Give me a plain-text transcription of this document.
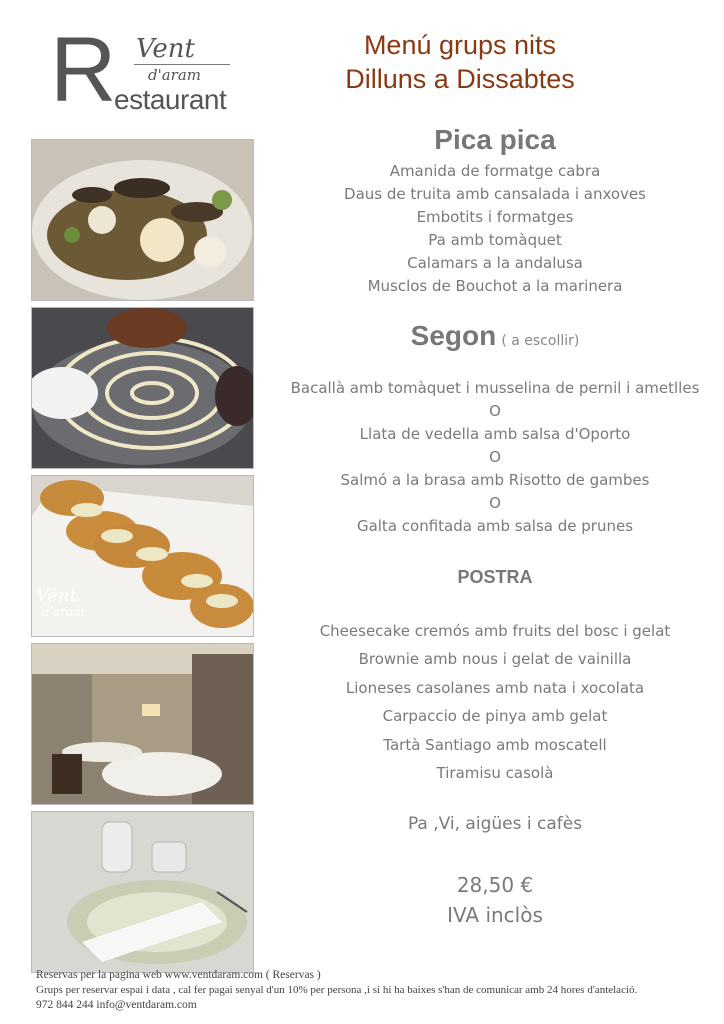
R Vent
d'aram
estaurant
Menú grups nits
Dilluns a Dissabtes
Vent
d'aram
Pica pica
Amanida de formatge cabra
Daus de truita amb cansalada i anxoves
Embotits i formatges
Pa amb tomàquet
Calamars a la andalusa
Musclos de Bouchot a la marinera
Segon ( a escollir)
Bacallà amb tomàquet i musselina de pernil i ametlles
O
Llata de vedella amb salsa d'Oporto
O
Salmó a la brasa amb Risotto de gambes
O
Galta confitada amb salsa de prunes
POSTRA
Cheesecake cremós amb fruits del bosc i gelat
Brownie amb nous i gelat de vainilla
Lioneses casolanes amb nata i xocolata
Carpaccio de pinya amb gelat
Tartà Santiago amb moscatell
Tiramisu casolà
Pa ,Vi, aigües i cafès
28,50 €
IVA inclòs
Reservas per la pagina web www.ventdaram.com ( Reservas )
Grups per reservar espai i data , cal fer pagai senyal d'un 10% per persona ,i si hi ha baixes s'han de comunicar amb 24 hores d'antelació.
972 844 244 info@ventdaram.com
